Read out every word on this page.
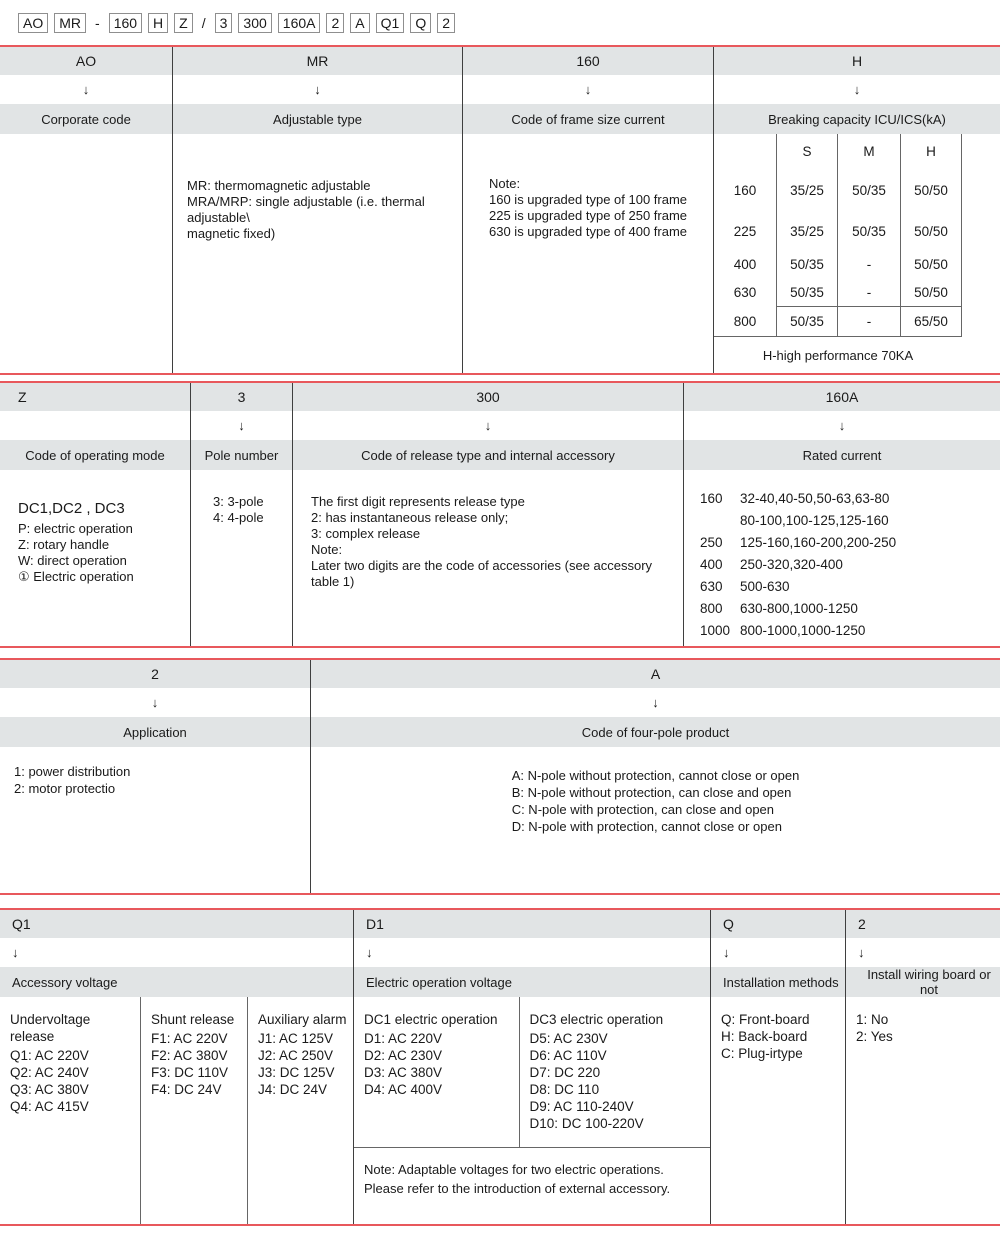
AO	MR	-	160	H	Z	/	3	300	160A	2	A	Q1	Q	2
AO
↓
Corporate code
MR
↓
Adjustable type
MR: thermomagnetic adjustable
MRA/MRP: single adjustable (i.e. thermal adjustable\
magnetic fixed)
160
↓
Code of frame size current
Note:
160 is upgraded type of 100 frame
225 is upgraded type of 250 frame
630 is upgraded type of 400 frame
H
↓
Breaking capacity ICU/ICS(kA)
S	M	H
160	35/25	50/35	50/50
225	35/25	50/35	50/50
400	50/35	-	50/50
630	50/35	-	50/50
800	50/35	-	65/50
H-high performance 70KA
Z
Code of operating mode
DC1,DC2 , DC3
P: electric operation
Z: rotary handle
W: direct operation
① Electric operation
3
↓
Pole number
3: 3-pole
4: 4-pole
300
↓
Code of release type and internal accessory
The first digit represents release type
2: has instantaneous release only;
3: complex release
Note:
Later two digits are the code of accessories (see accessory table 1)
160A
↓
Rated current
160	32-40,40-50,50-63,63-80
80-100,100-125,125-160
250	125-160,160-200,200-250
400	250-320,320-400
630	500-630
800	630-800,1000-1250
1000 800-1000,1000-1250
2
↓
Application
1: power distribution
2: motor protectio
A
↓
Code of four-pole product
A: N-pole without protection, cannot close or open
B: N-pole without protection, can close and open
C: N-pole with protection, can close and open
D: N-pole with protection, cannot close or open
Q1
↓
Accessory voltage
Undervoltage release
Q1: AC 220V
Q2: AC 240V
Q3: AC 380V
Q4: AC 415V
Shunt release
F1: AC 220V
F2: AC 380V
F3: DC 110V
F4: DC 24V
Auxiliary alarm
J1: AC 125V
J2: AC 250V
J3: DC 125V
J4: DC 24V
D1
↓
Electric operation voltage
DC1 electric operation
D1: AC 220V
D2: AC 230V
D3: AC 380V
D4: AC 400V
DC3 electric operation
D5: AC 230V
D6: AC 110V
D7: DC 220
D8: DC 110
D9: AC 110-240V
D10: DC 100-220V
Note: Adaptable voltages for two electric operations. Please refer to the introduction of external accessory.
Q
↓
Installation methods
Q: Front-board
H: Back-board
C: Plug-irtype
2
↓
Install wiring board or not
1: No
2: Yes
